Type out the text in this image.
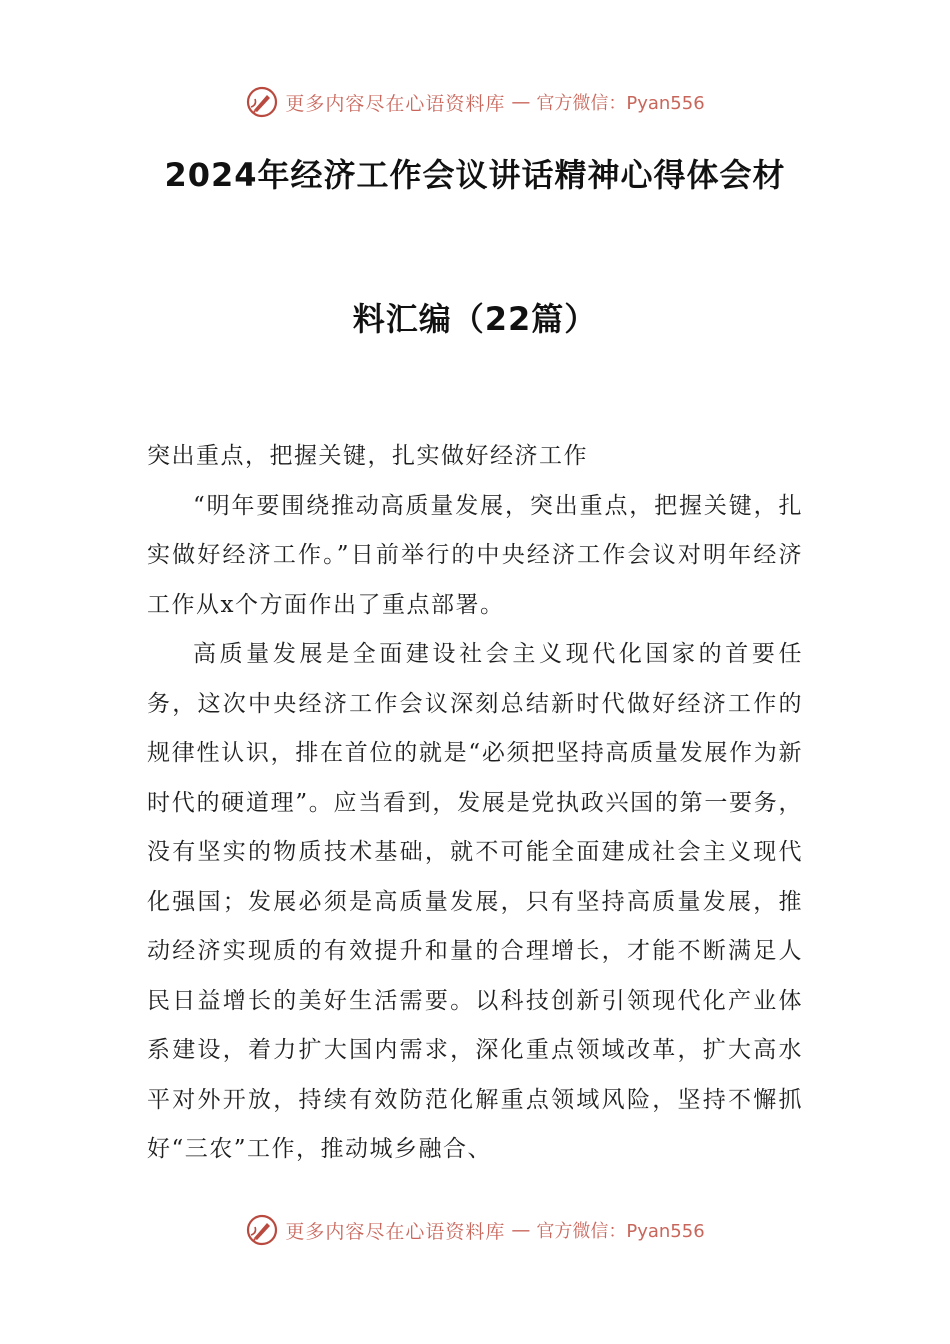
更多内容尽在心语资料库 — 官方微信：Pyan556
2024年经济工作会议讲话精神心得体会材
料汇编（22篇）

突出重点，把握关键，扎实做好经济工作

“明年要围绕推动高质量发展，突出重点，把握关键，扎实做好经济工作。”日前举行的中央经济工作会议对明年经济工作从x个方面作出了重点部署。

高质量发展是全面建设社会主义现代化国家的首要任务，这次中央经济工作会议深刻总结新时代做好经济工作的规律性认识，排在首位的就是“必须把坚持高质量发展作为新时代的硬道理”。应当看到，发展是党执政兴国的第一要务，没有坚实的物质技术基础，就不可能全面建成社会主义现代化强国；发展必须是高质量发展，只有坚持高质量发展，推动经济实现质的有效提升和量的合理增长，才能不断满足人民日益增长的美好生活需要。以科技创新引领现代化产业体系建设，着力扩大国内需求，深化重点领域改革，扩大高水平对外开放，持续有效防范化解重点领域风险，坚持不懈抓好“三农”工作，推动城乡融合、

更多内容尽在心语资料库 — 官方微信：Pyan556
